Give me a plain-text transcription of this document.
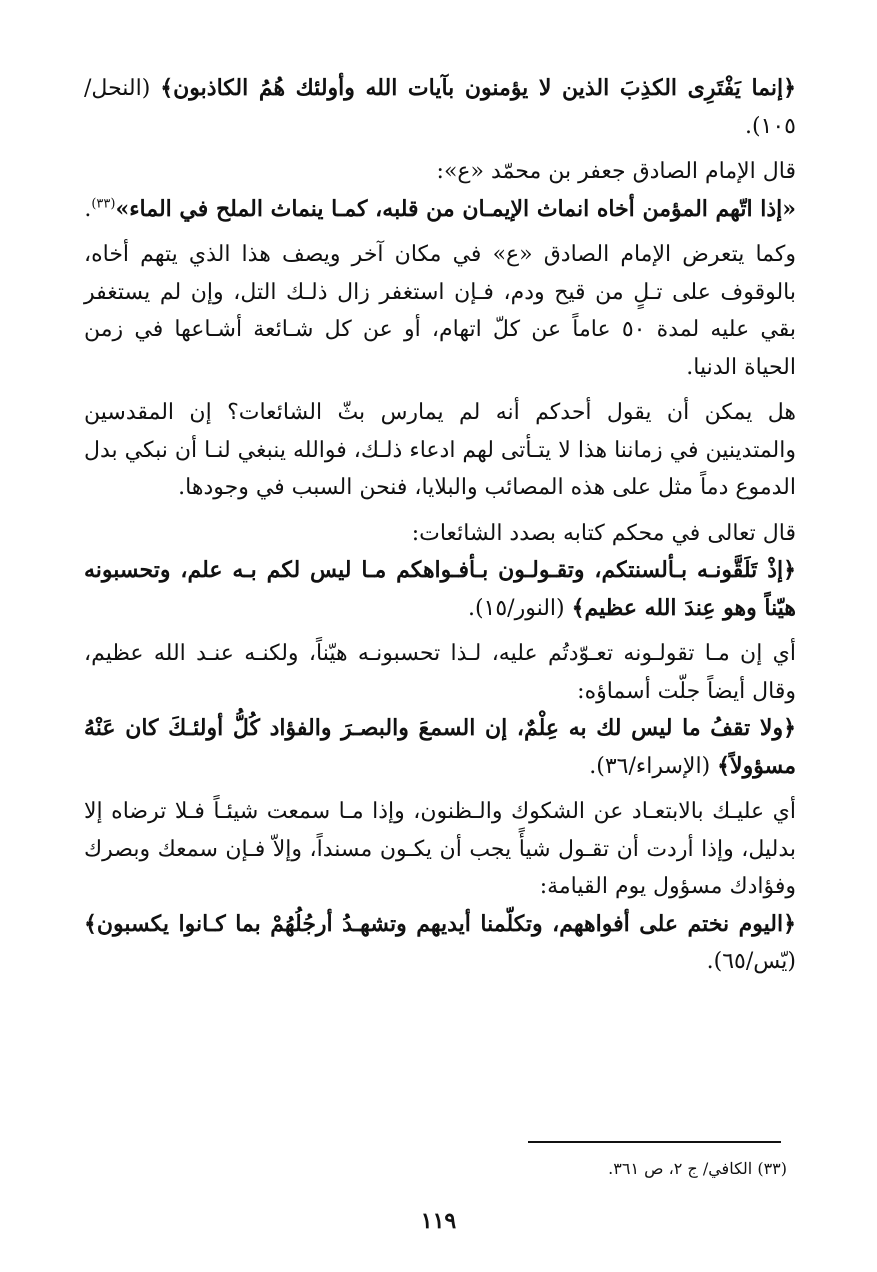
﴿إنما يَفْتَرِى الكذِبَ الذين لا يؤمنون بآيات الله وأولئك هُمُ الكاذبون﴾ (النحل/١٠٥).

قال الإمام الصادق جعفر بن محمّد «ع»:

«إذا اتّهم المؤمن أخاه انماث الإيمـان من قلبه، كمـا ينماث الملح في الماء»$^{(٣٣)}$.

وكما يتعرض الإمام الصادق «ع» في مكان آخر ويصف هذا الذي يتهم أخاه، بالوقوف على تـلٍ من قيح ودم، فـإن استغفر زال ذلـك التل، وإن لم يستغفر بقي عليه لمدة ٥٠ عاماً عن كلّ اتهام، أو عن كل شـائعة أشـاعها في زمن الحياة الدنيا.

هل يمكن أن يقول أحدكم أنه لم يمارس بثّ الشائعات؟ إن المقدسين والمتدينين في زماننا هذا لا يتـأتى لهم ادعاء ذلـك، فوالله ينبغي لنـا أن نبكي بدل الدموع دماً مثل على هذه المصائب والبلايا، فنحن السبب في وجودها.

قال تعالى في محكم كتابه بصدد الشائعات:

﴿إذْ تَلَقَّونـه بـألسنتكم، وتقـولـون بـأفـواهكم مـا ليس لكم بـه علم، وتحسبونه هيّناً وهو عِندَ الله عظيم﴾ (النور/١٥).

أي إن مـا تقولـونه تعـوّدتُم عليه، لـذا تحسبونـه هيّناً، ولكنـه عنـد الله عظيم، وقال أيضاً جلّت أسماؤه:

﴿ولا تقفُ ما ليس لك به عِلْمٌ، إن السمعَ والبصـرَ والفؤاد كُلُّ أولئـكَ كان عَنْهُ مسؤولاً﴾ (الإسراء/٣٦).

أي عليـك بالابتعـاد عن الشكوك والـظنون، وإذا مـا سمعت شيئـاً فـلا ترضاه إلا بدليل، وإذا أردت أن تقـول شيأً يجب أن يكـون مسنداً، وإلاّ فـإن سمعك وبصرك وفؤادك مسؤول يوم القيامة:

﴿اليوم نختم على أفواههم، وتكلّمنا أيديهم وتشهـدُ أرجُلُهُمْ بما كـانوا يكسبون﴾ (يّس/٦٥).

(٣٣) الكافي/ ج ٢، ص ٣٦١.
١١٩
